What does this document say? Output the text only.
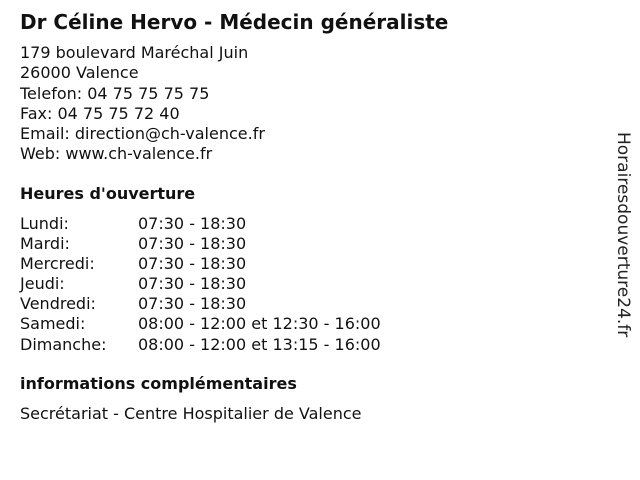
Dr Céline Hervo - Médecin généraliste
179 boulevard Maréchal Juin
26000 Valence
Telefon: 04 75 75 75 75
Fax: 04 75 75 72 40
Email: direction@ch-valence.fr
Web: www.ch-valence.fr
Heures d'ouverture
Lundi:	07:30 - 18:30
Mardi:	07:30 - 18:30
Mercredi:	07:30 - 18:30
Jeudi:	07:30 - 18:30
Vendredi:	07:30 - 18:30
Samedi:	08:00 - 12:00 et 12:30 - 16:00
Dimanche: 08:00 - 12:00 et 13:15 - 16:00
informations complémentaires
Secrétariat - Centre Hospitalier de Valence
Horairesdouverture24.fr
